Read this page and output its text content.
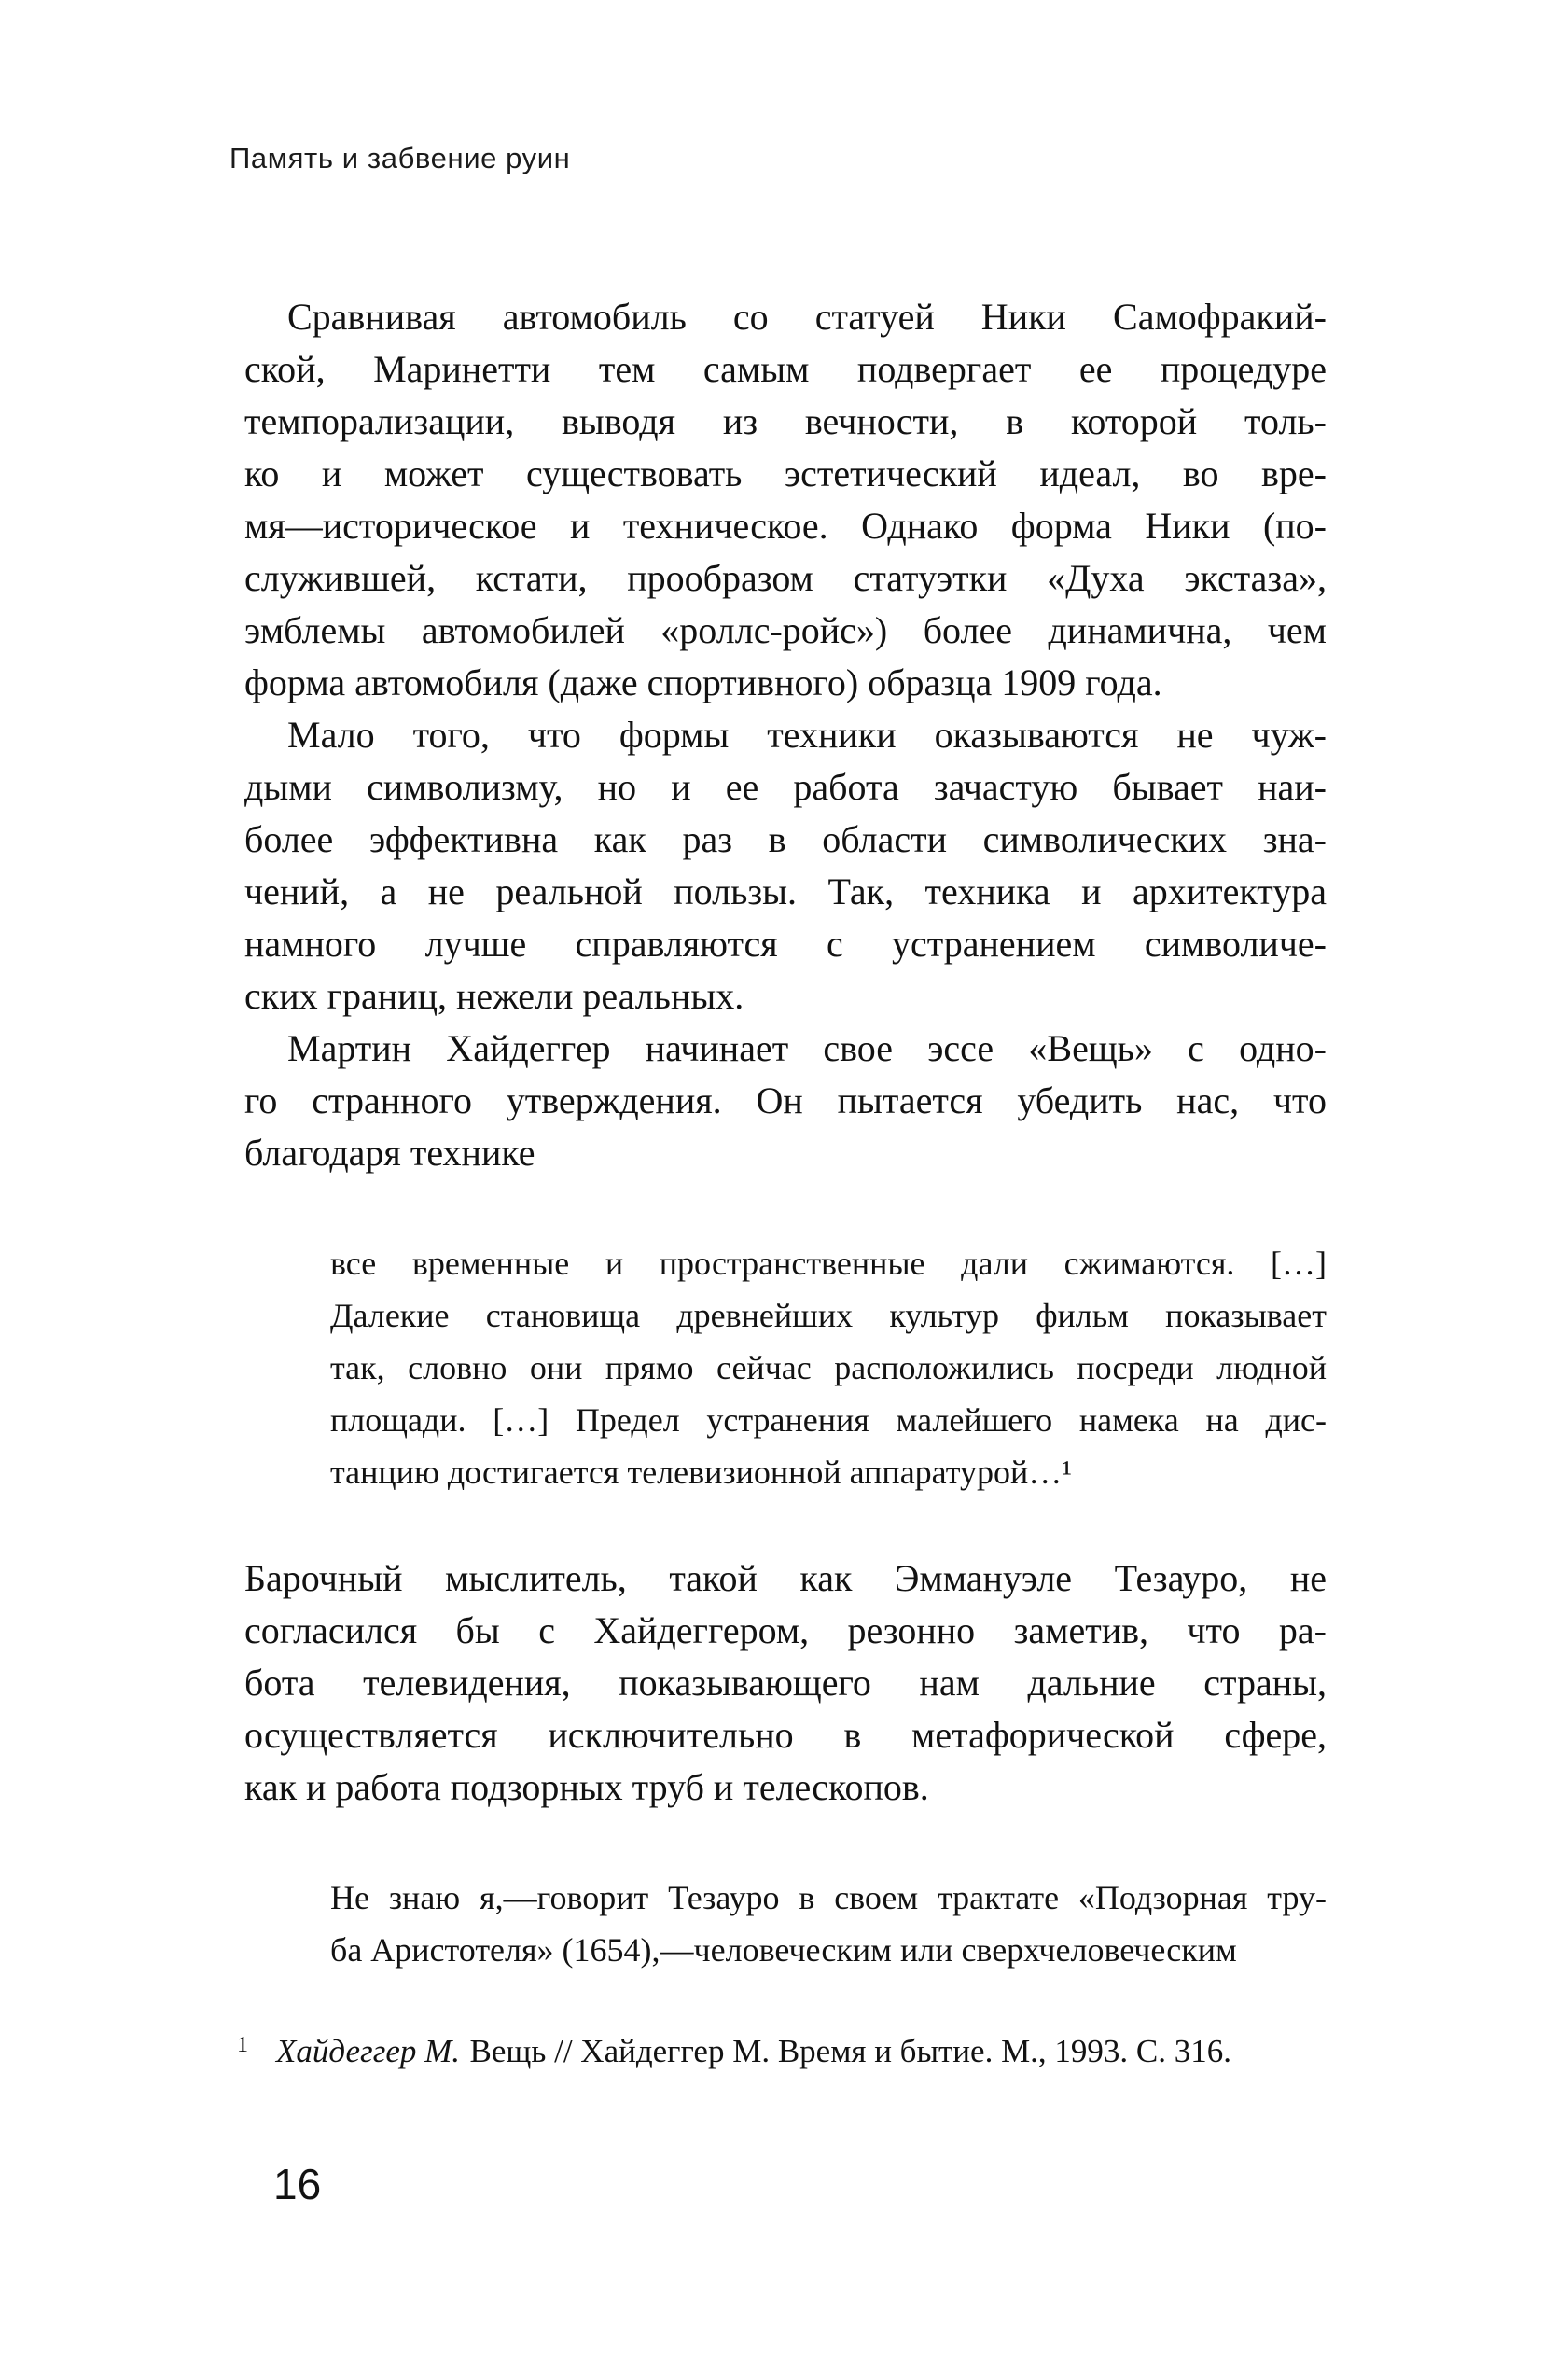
Память и забвение руин
Сравнивая автомобиль со статуей Ники Самофракий-
ской, Маринетти тем самым подвергает ее процедуре
темпорализации, выводя из вечности, в которой толь-
ко и может существовать эстетический идеал, во вре-
мя—историческое и техническое. Однако форма Ники (по-
служившей, кстати, прообразом статуэтки «Духа экстаза»,
эмблемы автомобилей «роллс-ройс») более динамична, чем
форма автомобиля (даже спортивного) образца 1909 года.
Мало того, что формы техники оказываются не чуж-
дыми символизму, но и ее работа зачастую бывает наи-
более эффективна как раз в области символических зна-
чений, а не реальной пользы. Так, техника и архитектура
намного лучше справляются с устранением символиче-
ских границ, нежели реальных.
Мартин Хайдеггер начинает свое эссе «Вещь» с одно-
го странного утверждения. Он пытается убедить нас, что
благодаря технике
все временные и пространственные дали сжимаются. […]
Далекие становища древнейших культур фильм показывает
так, словно они прямо сейчас расположились посреди людной
площади. […] Предел устранения малейшего намека на дис-
танцию достигается телевизионной аппаратурой…¹
Барочный мыслитель, такой как Эммануэле Тезауро, не
согласился бы с Хайдеггером, резонно заметив, что ра-
бота телевидения, показывающего нам дальние страны,
осуществляется исключительно в метафорической сфере,
как и работа подзорных труб и телескопов.
Не знаю я,—говорит Тезауро в своем трактате «Подзорная тру-
ба Аристотеля» (1654),—человеческим или сверхчеловеческим
1 Хайдеггер М. Вещь // Хайдеггер М. Время и бытие. М., 1993. С. 316.
16
